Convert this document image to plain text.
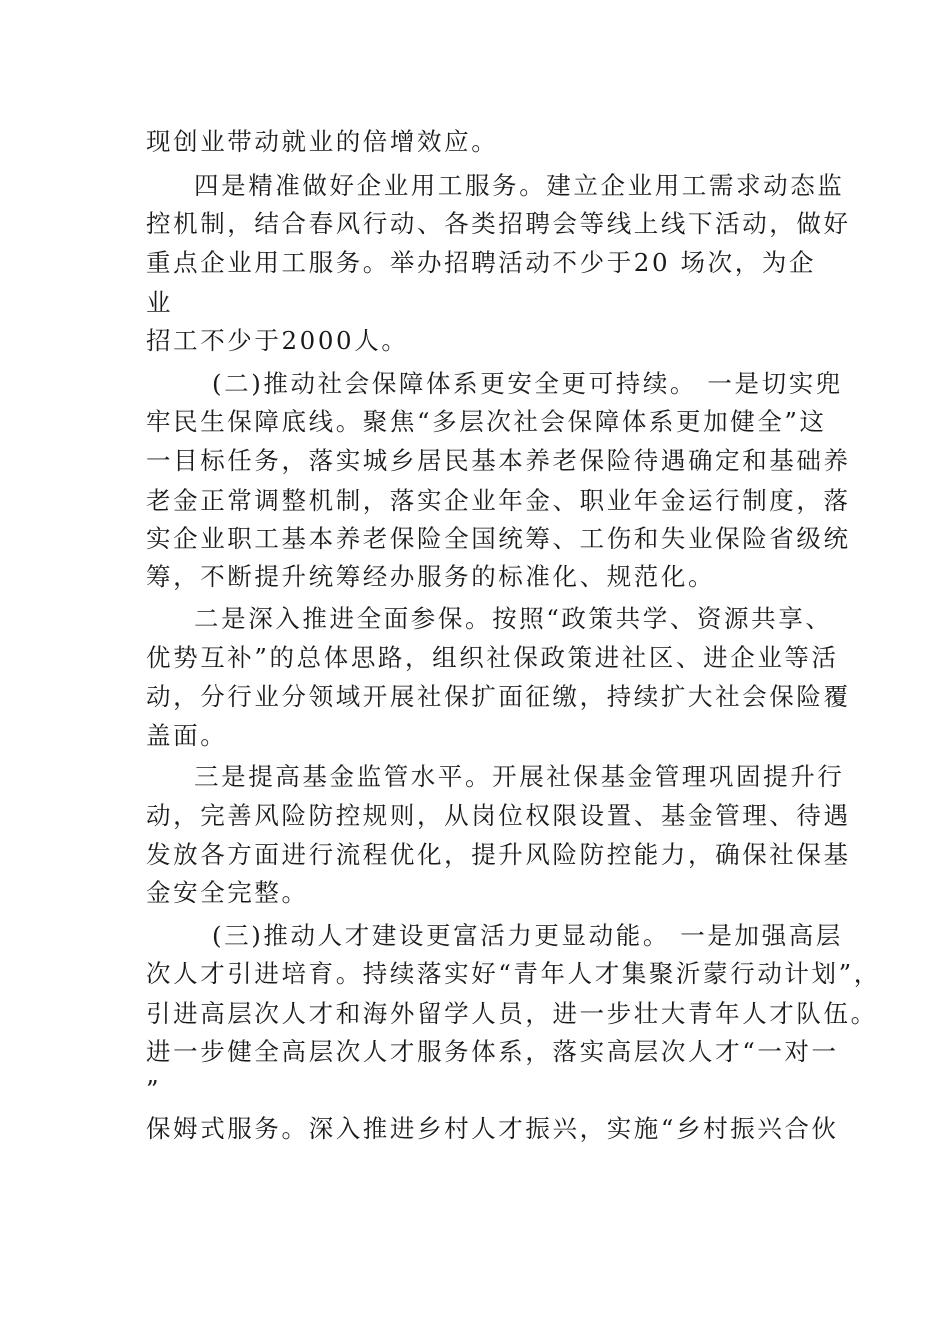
现创业带动就业的倍增效应。

四是精准做好企业用工服务。建立企业用工需求动态监

控机制，结合春风行动、各类招聘会等线上线下活动，做好

重点企业用工服务。举办招聘活动不少于20 场次，为企

业

招工不少于2000人。

(二)推动社会保障体系更安全更可持续。 一是切实兜

牢民生保障底线。聚焦“多层次社会保障体系更加健全”这

一目标任务，落实城乡居民基本养老保险待遇确定和基础养

老金正常调整机制，落实企业年金、职业年金运行制度，落

实企业职工基本养老保险全国统筹、工伤和失业保险省级统

筹，不断提升统筹经办服务的标准化、规范化。

二是深入推进全面参保。按照“政策共学、资源共享、

优势互补”的总体思路，组织社保政策进社区、进企业等活

动，分行业分领域开展社保扩面征缴，持续扩大社会保险覆

盖面。

三是提高基金监管水平。开展社保基金管理巩固提升行

动，完善风险防控规则，从岗位权限设置、基金管理、待遇

发放各方面进行流程优化，提升风险防控能力，确保社保基

金安全完整。

(三)推动人才建设更富活力更显动能。 一是加强高层

次人才引进培育。持续落实好“青年人才集聚沂蒙行动计划”，

引进高层次人才和海外留学人员，进一步壮大青年人才队伍。

进一步健全高层次人才服务体系，落实高层次人才“一对一

”

保姆式服务。深入推进乡村人才振兴，实施“乡村振兴合伙
